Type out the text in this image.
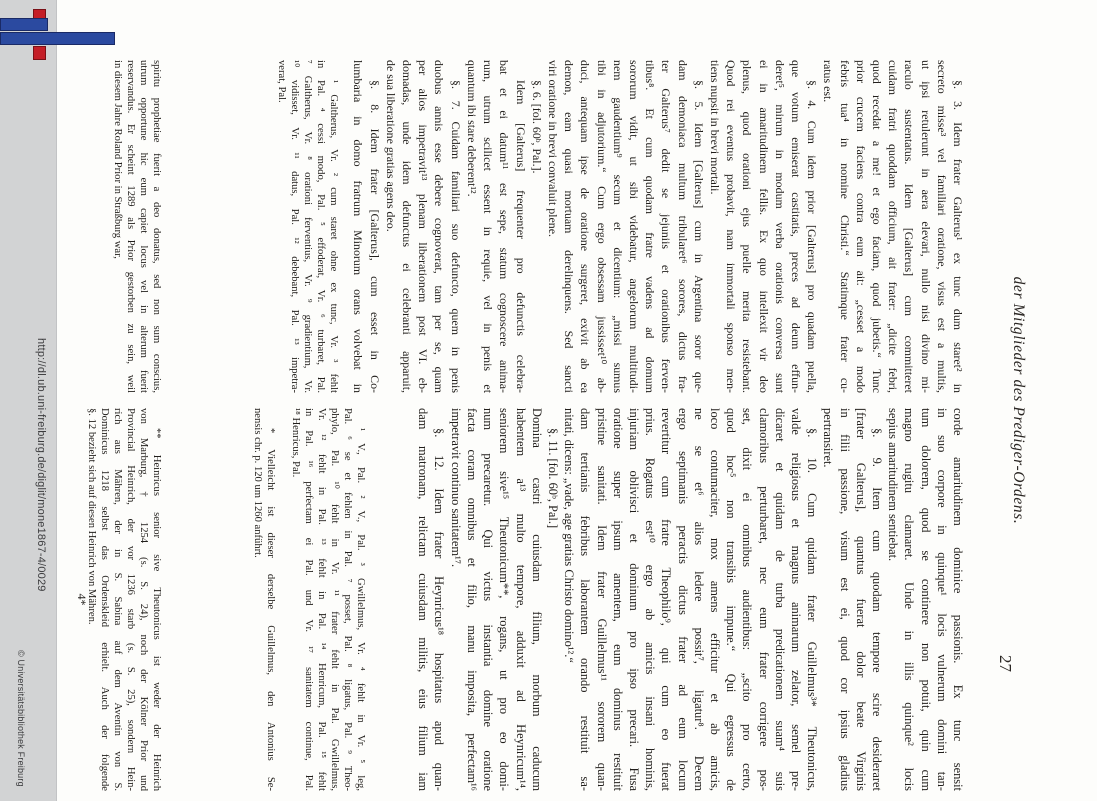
http://dl.ub.uni-freiburg.de/diglit/mone1867-4/0029
© Universitätsbibliothek Freiburg
der Mitglieder des Prediger-Ordens.
27
§. 3. Idem frater Galterus¹ ex tunc dum staret² in
secreto misse³ vel familiari oratione, visus est a multis,
ut ipsi retulerunt in aera elevari, nullo nisi divino mi-
raculo sustentatus. Idem [Galterus] cum committeret
cuidam fratri quoddam officium, ait frater: „dicite febri,
quod recedat a me! et ego faciam, quod jubetis.“ Tunc
prior crucem faciens contra eum ait: „cesset a modo
febris tua⁴ in nomine Christi.“ Statimque frater cu-
ratus est.
§. 4. Cum idem prior [Galterus] pro quadam puella,
que votum emiserat castitatis, preces ad deum effun-
deret⁵, mirum in modum verba orationis conversa sunt
ei in amaritudinem fellis. Ex quo intellexit vir deo
plenus, quod orationi ejus puelle merita resistebant.
Quod rei eventus probavit, nam immortali sponso men-
tiens nupsit in brevi mortali.
§. 5. Idem [Galterus] cum in Argentina soror que-
dam demoniaca multum tribularet⁶ sorores, dictus fra-
ter Galterus⁷ dedit se jejuniis et orationibus ferven-
tibus⁸. Et cum quodam fratre vadens ad domum
sororum vidit, ut sibi videbatur, angelorum multitudi-
nem gaudentium⁹ secum et dicentium: „missi sumus
tibi in adjutorium.“ Cum ergo obsessam jussisset¹⁰ ab-
duci, antequam ipse de oratione surgeret, exivit ab ea
demon, eam quasi mortuam derelinquens. Sed sancti
viri oratione in brevi convaluit plene.
§. 6. [fol. 60ᵇ, Pal.].
Idem [Galterus] frequenter pro defunctis celebra-
bat et ei datum¹¹ est sepe, statum cognoscere anima-
rum, utrum scilicet essent in requie, vel in penis et
quantum ibi stare deberent¹².
§. 7. Cuidam familiari suo defuncto, quem in penis
duobus annis esse debere cognoverat, tam per se, quam
per alios impetravit¹³ plenam liberationem post VI. eb-
domadas, unde idem defunctus ei celebranti apparuit,
de sua liberatione gratias agens deo.
§. 8. Idem frater [Galterus], cum esset in Co-
lumbaria in domo fratrum Minorum orans volvebat in
¹ Galtherus, Vr. ² cum staret ohne ex tunc, Vr. ³ fehlt
in Pal. ⁴ cessi modo, Pal. ⁵ effoderat, Vr. ⁶ turbaret, Pal.
⁷ Galtherus, Vr. ⁸ orationi ferventius, Vr. ⁹ gradientium, Vr.
¹⁰ vidisset, Vr. ¹¹ datus, Pal. ¹² debebant, Pal. ¹³ impetra-
verat, Pal.
spiritu prophetiae fuerit a deo donatus, sed non sum conscius,
utrum opportune hic eum capiet locus vel in alterum fuerit
reservandus. Er scheint 1289 als Prior gestorben zu sein, weil
in diesem Jahre Roland Prior in Straßburg war,
corde amaritudinem dominice passionis. Ex tunc sensit
in suo corpore in quinque¹ locis vulnerum domini tan-
tum dolorem, quod se continere non potuit, quin cum
magno rugitu clamaret. Unde in illis quinque² locis
sepius amaritudinem sentiebat.
§. 9. Item cum quodam tempore scire desideraret
[frater Galterus], quantus fuerat dolor beate Virginis
in filii passione, visum est ei, quod cor ipsius gladius
pertransiret.
§. 10. Cum quidam frater Guillelmus³* Theutonicus,
valde religiosus et magnus animarum zelator, semel pre-
dicaret et quidam de turba predicationem suam⁴ suis
clamoribus perturbaret, nec eum frater corrigere pos-
set, dixit ei omnibus audientibus: „scito pro certo,
quod hoc⁵ non transibis impune.“ Qui egressus de
loco contumaciter, mox amens efficitur et ab amicis,
ne se et⁶ alios ledere possit⁷, ligatur⁸. Decem
ergo septimanis peractis dictus frater ad eum locum
revertitur cum fratre Theophilo⁹, qui cum eo fuerat
prius. Rogatus est¹⁰ ergo ab amicis insani hominis,
injuriam oblivisci et dominum pro ipso precari. Fusa
oratione super ipsum amentem, eum dominus restituit
pristine sanitati. Idem frater Guillelmus¹¹ sororem quan-
dam tertianis febribus laborantem orando restituit sa-
nitati, dicens: „vade, age gratias Christo domino¹².“
§. 11. [fol. 60ᵇ, Pal.]
Domina castri cuiusdam filium, morbum caducum
habentem a¹³ multo tempore, adduxit ad Heynricum¹⁴,
seniorem sive¹⁵ Theutonicum**, rogans, ut pro eo domi-
num precaretur. Qui victus instantia domine oratione
facta coram omnibus et filio, manu imposita, perfectam¹⁶
impetravit continuo sanitatem¹⁷.
§. 12. Idem frater Heynricus¹⁸ hospitatus apud quan-
dam matronam, relictam cuiusdam militis, eius filium iam
¹ V., Pal. ² V., Pal. ³ Gwillelmus, Vr. ⁴ fehlt in Vr. ⁵ leg,
Pal. ⁶ se et fehlen in Pal. ⁷ posset, Pal. ⁸ ligatus, Pal. ⁹ Theo-
phylo, Pal. ¹⁰ fehlt in Vr. ¹¹ frater fehlt in Pal. Gwillelmus,
Vr. ¹² fehlt in Pal. ¹³ fehlt in Pal. ¹⁴ Henricum, Pal. ¹⁵ fehlt
in Pal. ¹⁶ perfectam ei Pal. und Vr. ¹⁷ sanitatem continue, Pal.
¹⁸ Henricus, Pal.
* Vielleicht ist dieser derselbe Guillelmus, den Antonius Se-
nensis chr. p. 120 um 1260 anführt.
** Heinricus senior sive Theutonicus ist weder der Heinrich
von Marburg, † 1254 (s. S. 24), noch der Kölner Prior und
Provincial Heinrich, der vor 1236 starb (s. S. 25), sondern Hein-
rich aus Mähren, der in S. Sabina auf dem Aventin von S.
Dominicus 1218 selbst das Ordenskleid erhielt. Auch der folgende
§. 12 bezieht sich auf diesen Heinrich von Mähren.
4*
